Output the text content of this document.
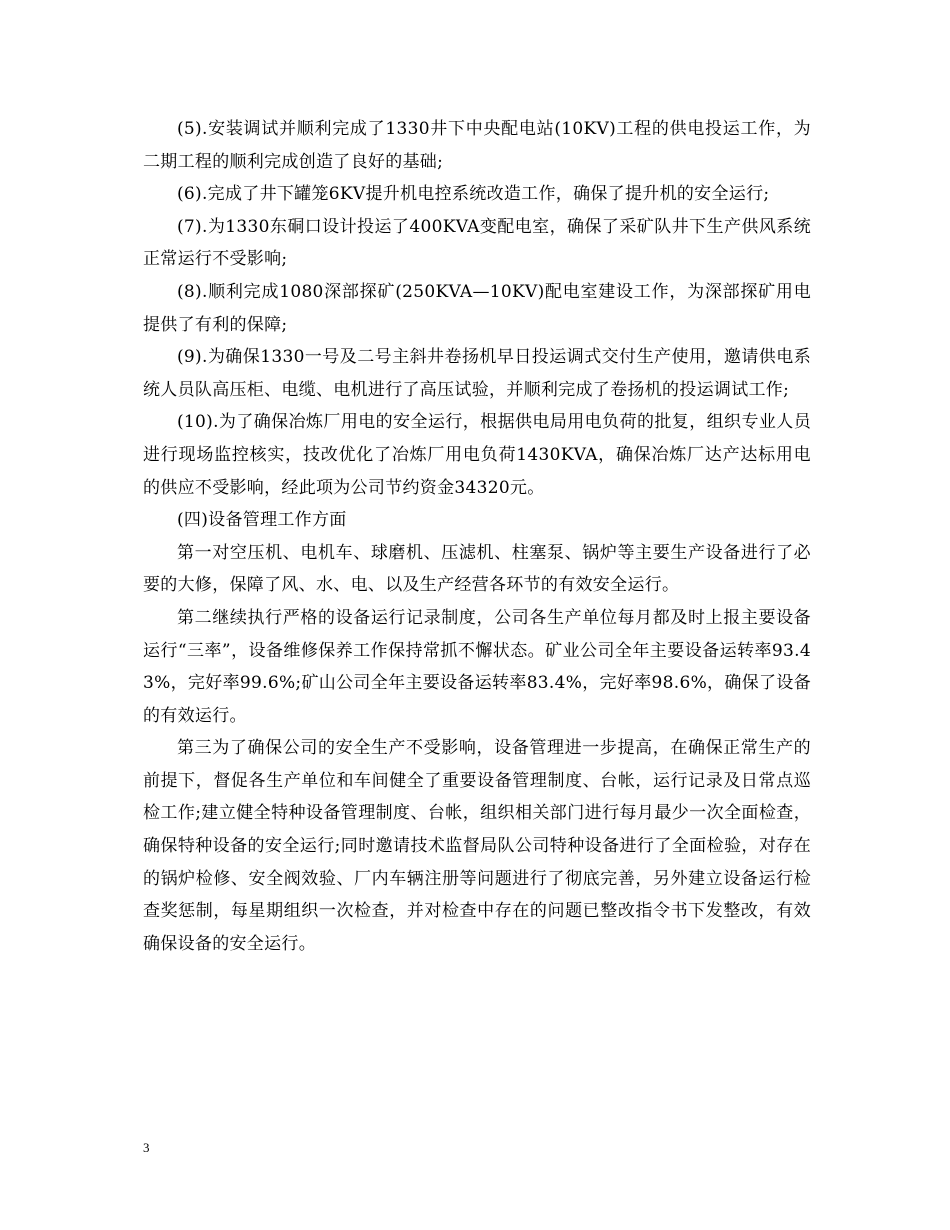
(5).安装调试并顺利完成了1330井下中央配电站(10KV)工程的供电投运工作，为二期工程的顺利完成创造了良好的基础;

(6).完成了井下罐笼6KV提升机电控系统改造工作，确保了提升机的安全运行;

(7).为1330东硐口设计投运了400KVA变配电室，确保了采矿队井下生产供风系统正常运行不受影响;

(8).顺利完成1080深部探矿(250KVA—10KV)配电室建设工作，为深部探矿用电提供了有利的保障;

(9).为确保1330一号及二号主斜井卷扬机早日投运调式交付生产使用，邀请供电系统人员队高压柜、电缆、电机进行了高压试验，并顺利完成了卷扬机的投运调试工作;

(10).为了确保冶炼厂用电的安全运行，根据供电局用电负荷的批复，组织专业人员进行现场监控核实，技改优化了冶炼厂用电负荷1430KVA，确保冶炼厂达产达标用电的供应不受影响，经此项为公司节约资金34320元。

(四)设备管理工作方面

第一对空压机、电机车、球磨机、压滤机、柱塞泵、锅炉等主要生产设备进行了必要的大修，保障了风、水、电、以及生产经营各环节的有效安全运行。

第二继续执行严格的设备运行记录制度，公司各生产单位每月都及时上报主要设备运行“三率”，设备维修保养工作保持常抓不懈状态。矿业公司全年主要设备运转率93.43%，完好率99.6%;矿山公司全年主要设备运转率83.4%，完好率98.6%，确保了设备的有效运行。

第三为了确保公司的安全生产不受影响，设备管理进一步提高，在确保正常生产的前提下，督促各生产单位和车间健全了重要设备管理制度、台帐，运行记录及日常点巡检工作;建立健全特种设备管理制度、台帐，组织相关部门进行每月最少一次全面检查，确保特种设备的安全运行;同时邀请技术监督局队公司特种设备进行了全面检验，对存在的锅炉检修、安全阀效验、厂内车辆注册等问题进行了彻底完善，另外建立设备运行检查奖惩制，每星期组织一次检查，并对检查中存在的问题已整改指令书下发整改，有效确保设备的安全运行。

3
